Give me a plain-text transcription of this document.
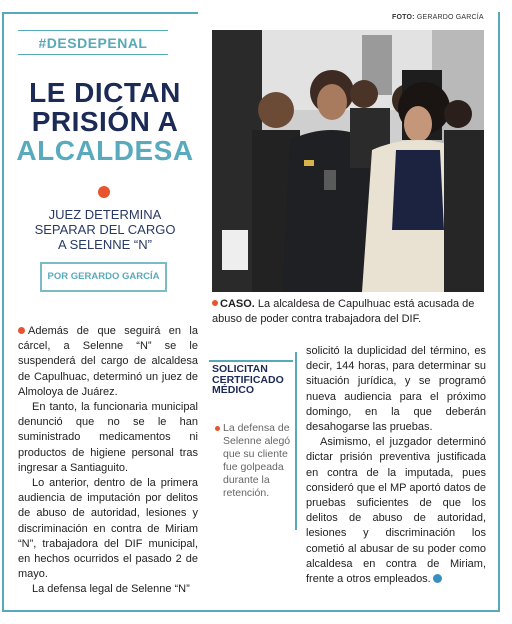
FOTO: GERARDO GARCÍA
#DESDEPENAL
LE DICTAN
PRISIÓN A
ALCALDESA
JUEZ DETERMINA
SEPARAR DEL CARGO
A SELENNE “N”
POR GERARDO GARCÍA
CASO. La alcaldesa de Capulhuac está acusada de abuso de poder contra trabajadora del DIF.

Además de que seguirá en la cárcel, a Selenne “N” se le suspenderá del cargo de alcaldesa de Capulhuac, determinó un juez de Almoloya de Juárez.

En tanto, la funcionaria municipal denunció que no se le han suministrado medicamentos ni productos de higiene personal tras ingresar a Santiaguito.

Lo anterior, dentro de la primera audiencia de imputación por delitos de abuso de autoridad, lesiones y discriminación en contra de Miriam “N”, trabajadora del DIF municipal, en hechos ocurridos el pasado 2 de mayo.

La defensa legal de Selenne “N”

SOLICITAN
CERTIFICADO
MÉDICO
La defensa de Selenne alegó que su cliente fue golpeada durante la retención.

solicitó la duplicidad del término, es decir, 144 horas, para determinar su situación jurídica, y se programó nueva audiencia para el próximo domingo, en la que deberán desahogarse las pruebas.

Asimismo, el juzgador determinó dictar prisión preventiva justificada en contra de la imputada, pues consideró que el MP aportó datos de pruebas suficientes de que los delitos de abuso de autoridad, lesiones y discriminación los cometió al abusar de su poder como alcaldesa en contra de Miriam, frente a otros empleados.
